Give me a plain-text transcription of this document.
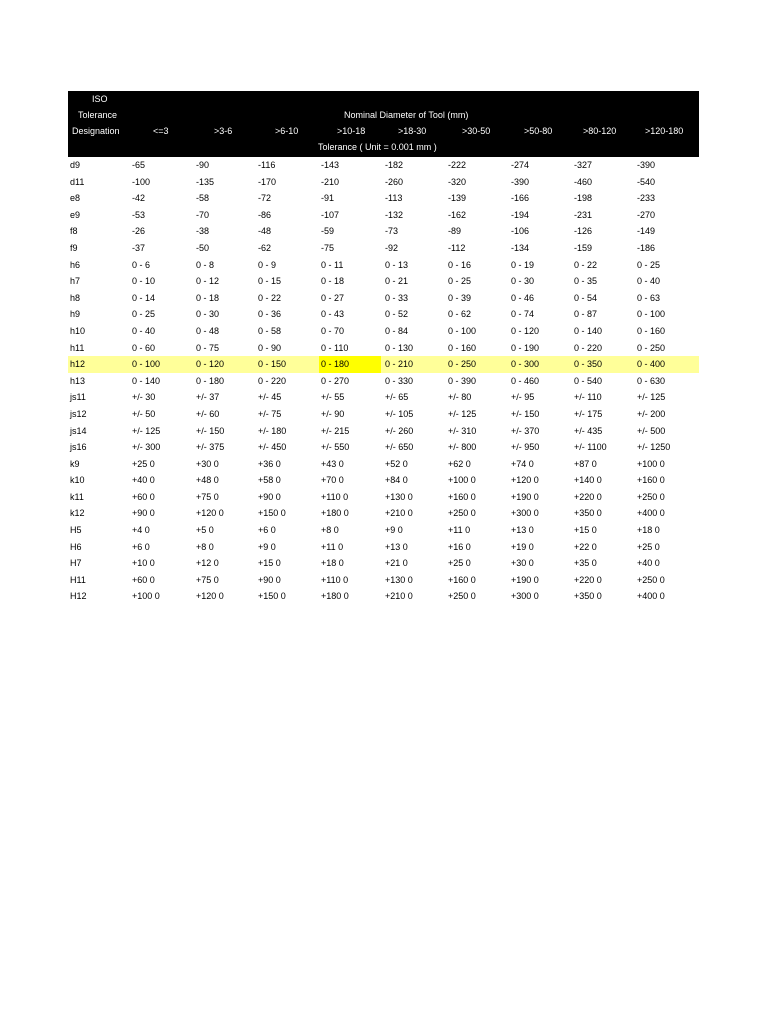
ISO
Tolerance	Nominal Diameter of Tool (mm)
Designation	<=3	>3-6	>6-10	>10-18	>18-30	>30-50	>50-80	>80-120	>120-180
Tolerance ( Unit = 0.001 mm )
d9	-65	-90	-116	-143	-182	-222	-274	-327	-390
d11	-100	-135	-170	-210	-260	-320	-390	-460	-540
e8	-42	-58	-72	-91	-113	-139	-166	-198	-233
e9	-53	-70	-86	-107	-132	-162	-194	-231	-270
f8	-26	-38	-48	-59	-73	-89	-106	-126	-149
f9	-37	-50	-62	-75	-92	-112	-134	-159	-186
h6	0 - 6	0 - 8	0 - 9	0 - 11	0 - 13	0 - 16	0 - 19	0 - 22	0 - 25
h7	0 - 10	0 - 12	0 - 15	0 - 18	0 - 21	0 - 25	0 - 30	0 - 35	0 - 40
h8	0 - 14	0 - 18	0 - 22	0 - 27	0 - 33	0 - 39	0 - 46	0 - 54	0 - 63
h9	0 - 25	0 - 30	0 - 36	0 - 43	0 - 52	0 - 62	0 - 74	0 - 87	0 - 100
h10	0 - 40	0 - 48	0 - 58	0 - 70	0 - 84	0 - 100	0 - 120	0 - 140	0 - 160
h11	0 - 60	0 - 75	0 - 90	0 - 110	0 - 130	0 - 160	0 - 190	0 - 220	0 - 250
h12	0 - 100	0 - 120	0 - 150	0 - 180	0 - 210	0 - 250	0 - 300	0 - 350	0 - 400
h13	0 - 140	0 - 180	0 - 220	0 - 270	0 - 330	0 - 390	0 - 460	0 - 540	0 - 630
js11	+/- 30	+/- 37	+/- 45	+/- 55	+/- 65	+/- 80	+/- 95	+/- 110	+/- 125
js12	+/- 50	+/- 60	+/- 75	+/- 90	+/- 105	+/- 125	+/- 150	+/- 175	+/- 200
js14	+/- 125	+/- 150	+/- 180	+/- 215	+/- 260	+/- 310	+/- 370	+/- 435	+/- 500
js16	+/- 300	+/- 375	+/- 450	+/- 550	+/- 650	+/- 800	+/- 950	+/- 1100	+/- 1250
k9	+25 0	+30 0	+36 0	+43 0	+52 0	+62 0	+74 0	+87 0	+100 0
k10	+40 0	+48 0	+58 0	+70 0	+84 0	+100 0	+120 0	+140 0	+160 0
k11	+60 0	+75 0	+90 0	+110 0	+130 0	+160 0	+190 0	+220 0	+250 0
k12	+90 0	+120 0	+150 0	+180 0	+210 0	+250 0	+300 0	+350 0	+400 0
H5	+4 0	+5 0	+6 0	+8 0	+9 0	+11 0	+13 0	+15 0	+18 0
H6	+6 0	+8 0	+9 0	+11 0	+13 0	+16 0	+19 0	+22 0	+25 0
H7	+10 0	+12 0	+15 0	+18 0	+21 0	+25 0	+30 0	+35 0	+40 0
H11	+60 0	+75 0	+90 0	+110 0	+130 0	+160 0	+190 0	+220 0	+250 0
H12	+100 0	+120 0	+150 0	+180 0	+210 0	+250 0	+300 0	+350 0	+400 0
